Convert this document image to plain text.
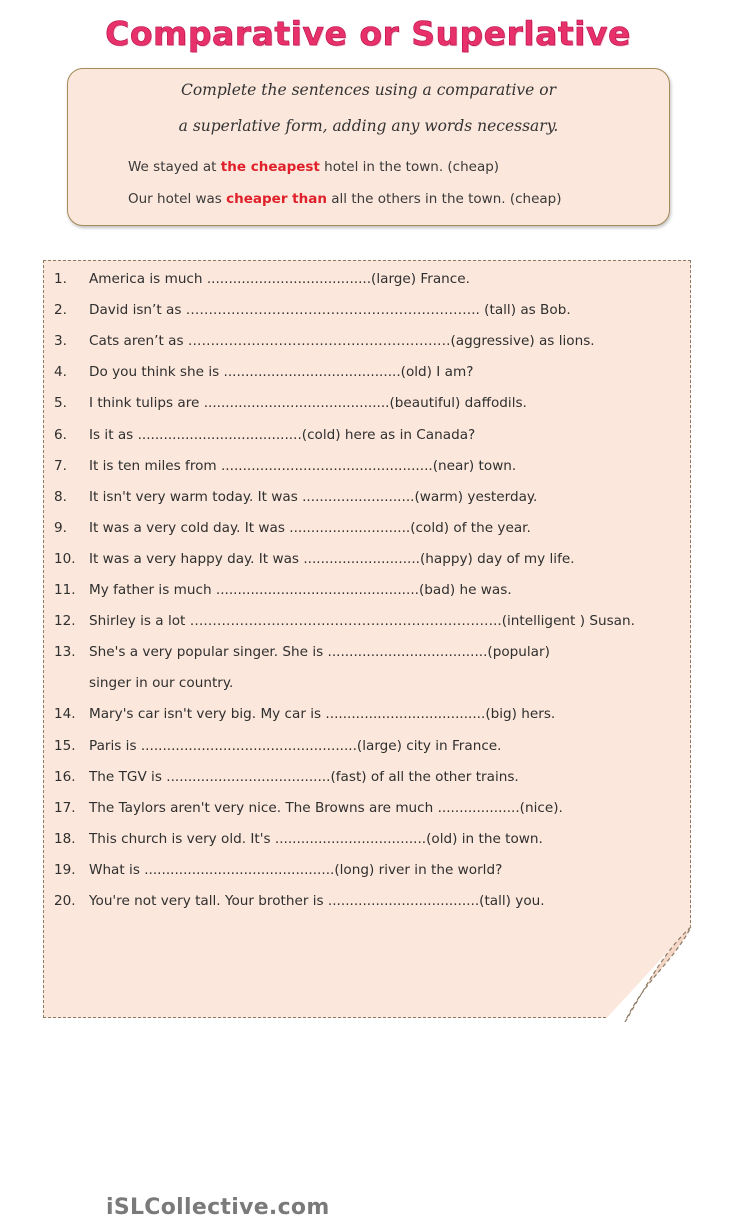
Comparative or Superlative
Complete the sentences using a comparative or
a superlative form, adding any words necessary.
We stayed at the cheapest hotel in the town. (cheap)
Our hotel was cheaper than all the others in the town. (cheap)
1.	America is much ......................................(large) France.
2.	David isn’t as ……………………………………………………….. (tall) as Bob.
3.	Cats aren’t as ………………………………………………….(aggressive) as lions.
4.	Do you think she is .........................................(old) I am?
5.	I think tulips are ...........................................(beautiful) daffodils.
6.	Is it as ......................................(cold) here as in Canada?
7.	It is ten miles from .................................................(near) town.
8.	It isn't very warm today. It was ..........................(warm) yesterday.
9.	It was a very cold day. It was ............................(cold) of the year.
10. It was a very happy day. It was ...........................(happy) day of my life.
11. My father is much ...............................................(bad) he was.
12. Shirley is a lot ………………………….………………………………..(intelligent ) Susan.
13. She's a very popular singer. She is .....................................(popular)
singer in our country.
14. Mary's car isn't very big. My car is .....................................(big) hers.
15. Paris is ..................................................(large) city in France.
16. The TGV is ......................................(fast) of all the other trains.
17. The Taylors aren't very nice. The Browns are much ...................(nice).
18. This church is very old. It's ...................................(old) in the town.
19. What is ............................................(long) river in the world?
20. You're not very tall. Your brother is ...................................(tall) you.
iSLCollective.com
